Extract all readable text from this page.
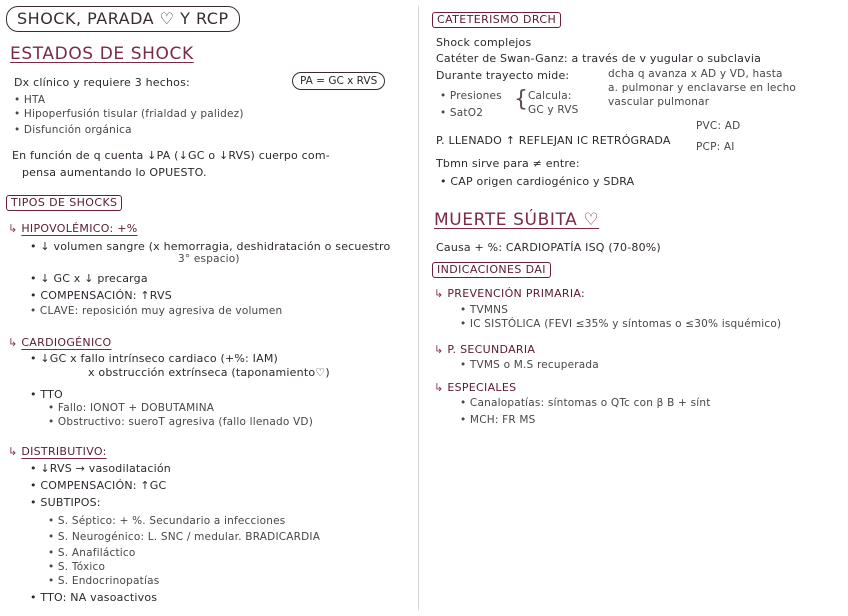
SHOCK, PARADA ♡ Y RCP
ESTADOS DE SHOCK
PA = GC x RVS
Dx clínico y requiere 3 hechos:
• HTA
• Hipoperfusión tisular (frialdad y palidez)
• Disfunción orgánica
En función de q cuenta ↓PA (↓GC o ↓RVS) cuerpo com-
pensa aumentando lo OPUESTO.
TIPOS DE SHOCKS
↳ HIPOVOLÉMICO: +%
• ↓ volumen sangre (x hemorragia, deshidratación o secuestro
3° espacio)
• ↓ GC x ↓ precarga
• COMPENSACIÓN: ↑RVS
• CLAVE: reposición muy agresiva de volumen
↳ CARDIOGÉNICO
• ↓GC x fallo intrínseco cardiaco (+%: IAM)
x obstrucción extrínseca (taponamiento♡)
• TTO
• Fallo: IONOT + DOBUTAMINA
• Obstructivo: sueroT agresiva (fallo llenado VD)
↳ DISTRIBUTIVO:
• ↓RVS → vasodilatación
• COMPENSACIÓN: ↑GC
• SUBTIPOS:
• S. Séptico: + %. Secundario a infecciones
• S. Neurogénico: L. SNC / medular. BRADICARDIA
• S. Anafiláctico
• S. Tóxico
• S. Endocrinopatías
• TTO: NA vasoactivos
CATETERISMO DRCH
Shock complejos
Catéter de Swan-Ganz: a través de v yugular o subclavia
Durante trayecto mide:	dcha q avanza x AD y VD, hasta
a. pulmonar y enclavarse en lecho
vascular pulmonar
• Presiones
• SatO2
{ Calcula:
GC y RVS
P. LLENADO ↑ REFLEJAN IC RETRÓGRADA
PVC: AD
PCP: AI
Tbmn sirve para ≠ entre:
• CAP origen cardiogénico y SDRA
MUERTE SÚBITA ♡
Causa + %: CARDIOPATÍA ISQ (70-80%)
INDICACIONES DAI
↳ PREVENCIÓN PRIMARIA:
• TVMNS
• IC SISTÓLICA (FEVI ≤35% y síntomas o ≤30% isquémico)
↳ P. SECUNDARIA
• TVMS o M.S recuperada
↳ ESPECIALES
• Canalopatías: síntomas o QTc con β B + sínt
• MCH: FR MS
